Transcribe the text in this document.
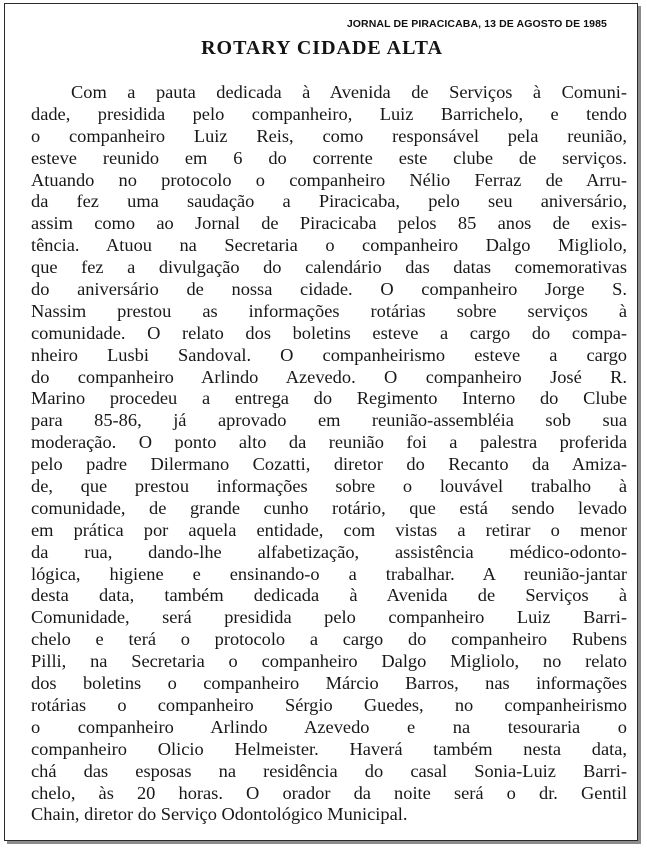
JORNAL DE PIRACICABA, 13 DE AGOSTO DE 1985
ROTARY CIDADE ALTA
Com a pauta dedicada à Avenida de Serviços à Comuni-
dade, presidida pelo companheiro, Luiz Barrichelo, e tendo
o companheiro Luiz Reis, como responsável pela reunião,
esteve reunido em 6 do corrente este clube de serviços.
Atuando no protocolo o companheiro Nélio Ferraz de Arru-
da fez uma saudação a Piracicaba, pelo seu aniversário,
assim como ao Jornal de Piracicaba pelos 85 anos de exis-
tência. Atuou na Secretaria o companheiro Dalgo Migliolo,
que fez a divulgação do calendário das datas comemorativas
do aniversário de nossa cidade. O companheiro Jorge S.
Nassim prestou as informações rotárias sobre serviços à
comunidade. O relato dos boletins esteve a cargo do compa-
nheiro Lusbi Sandoval. O companheirismo esteve a cargo
do companheiro Arlindo Azevedo. O companheiro José R.
Marino procedeu a entrega do Regimento Interno do Clube
para 85-86, já aprovado em reunião-assembléia sob sua
moderação. O ponto alto da reunião foi a palestra proferida
pelo padre Dilermano Cozatti, diretor do Recanto da Amiza-
de, que prestou informações sobre o louvável trabalho à
comunidade, de grande cunho rotário, que está sendo levado
em prática por aquela entidade, com vistas a retirar o menor
da rua, dando-lhe alfabetização, assistência médico-odonto-
lógica, higiene e ensinando-o a trabalhar. A reunião-jantar
desta data, também dedicada à Avenida de Serviços à
Comunidade, será presidida pelo companheiro Luiz Barri-
chelo e terá o protocolo a cargo do companheiro Rubens
Pilli, na Secretaria o companheiro Dalgo Migliolo, no relato
dos boletins o companheiro Márcio Barros, nas informações
rotárias o companheiro Sérgio Guedes, no companheirismo
o companheiro Arlindo Azevedo e na tesouraria o
companheiro Olicio Helmeister. Haverá também nesta data,
chá das esposas na residência do casal Sonia-Luiz Barri-
chelo, às 20 horas. O orador da noite será o dr. Gentil
Chain, diretor do Serviço Odontológico Municipal.
